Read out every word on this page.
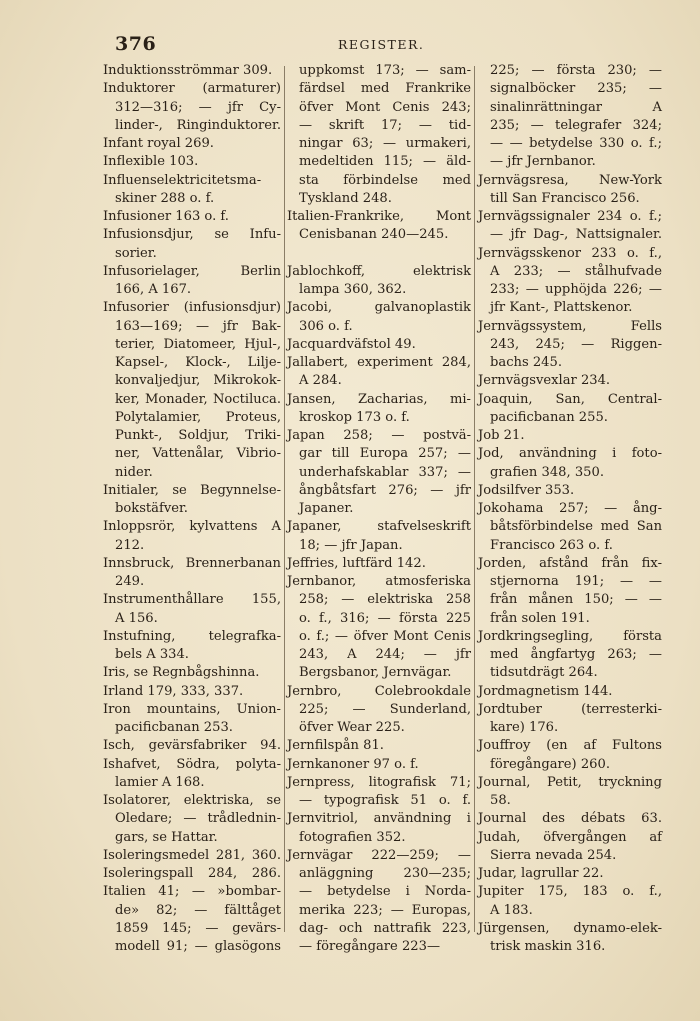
376	REGISTER.
Induktionsströmmar 309.
Induktorer (armaturer)
312—316; — jfr Cy-
linder-, Ringinduktorer.
Infant royal 269.
Inflexible 103.
Influenselektricitetsma-
skiner 288 o. f.
Infusioner 163 o. f.
Infusionsdjur, se Infu-
sorier.
Infusorielager, Berlin
166, A 167.
Infusorier (infusionsdjur)
163—169; — jfr Bak-
terier, Diatomeer, Hjul-,
Kapsel-, Klock-, Lilje-
konvaljedjur, Mikrokok-
ker, Monader, Noctiluca.
Polytalamier, Proteus,
Punkt-, Soldjur, Triki-
ner, Vattenålar, Vibrio-
nider.
Initialer, se Begynnelse-
bokstäfver.
Inloppsrör, kylvattens A
212.
Innsbruck, Brennerbanan
249.
Instrumenthållare 155,
A 156.
Instufning, telegrafka-
bels A 334.
Iris, se Regnbågshinna.
Irland 179, 333, 337.
Iron mountains, Union-
pacificbanan 253.
Isch, gevärsfabriker 94.
Ishafvet, Södra, polyta-
lamier A 168.
Isolatorer, elektriska, se
Oledare; — trådlednin-
gars, se Hattar.
Isoleringsmedel 281, 360.
Isoleringspall 284, 286.
Italien 41; — »bombar-
de» 82; — fälttåget
1859 145; — gevärs-
modell 91; — glasögons
uppkomst 173; — sam-
färdsel med Frankrike
öfver Mont Cenis 243;
— skrift 17; — tid-
ningar 63; — urmakeri,
medeltiden 115; — äld-
sta förbindelse med
Tyskland 248.
Italien-Frankrike, Mont
Cenisbanan 240—245.
Jablochkoff, elektrisk
lampa 360, 362.
Jacobi, galvanoplastik
306 o. f.
Jacquardväfstol 49.
Jallabert, experiment 284,
A 284.
Jansen, Zacharias, mi-
kroskop 173 o. f.
Japan 258; — postvä-
gar till Europa 257; —
underhafskablar 337; —
ångbåtsfart 276; — jfr
Japaner.
Japaner, stafvelseskrift
18; — jfr Japan.
Jeffries, luftfärd 142.
Jernbanor, atmosferiska
258; — elektriska 258
o. f., 316; — första 225
o. f.; — öfver Mont Cenis
243, A 244; — jfr
Bergsbanor, Jernvägar.
Jernbro, Colebrookdale
225; — Sunderland,
öfver Wear 225.
Jernfilspån 81.
Jernkanoner 97 o. f.
Jernpress, litografisk 71;
— typografisk 51 o. f.
Jernvitriol, användning i
fotografien 352.
Jernvägar 222—259; —
anläggning 230—235;
— betydelse i Norda-
merika 223; — Europas,
dag- och nattrafik 223,
— föregångare 223—
225; — första 230; —
signalböcker 235; —
sinalinrättningar A
235; — telegrafer 324;
— — betydelse 330 o. f.;
— jfr Jernbanor.
Jernvägsresa, New-York
till San Francisco 256.
Jernvägssignaler 234 o. f.;
— jfr Dag-, Nattsignaler.
Jernvägsskenor 233 o. f.,
A 233; — stålhufvade
233; — upphöjda 226; —
jfr Kant-, Plattskenor.
Jernvägssystem, Fells
243, 245; — Riggen-
bachs 245.
Jernvägsvexlar 234.
Joaquin, San, Central-
pacificbanan 255.
Job 21.
Jod, användning i foto-
grafien 348, 350.
Jodsilfver 353.
Jokohama 257; — ång-
båtsförbindelse med San
Francisco 263 o. f.
Jorden, afstånd från fix-
stjernorna 191; — —
från månen 150; — —
från solen 191.
Jordkringsegling, första
med ångfartyg 263; —
tidsutdrägt 264.
Jordmagnetism 144.
Jordtuber (terresterki-
kare) 176.
Jouffroy (en af Fultons
föregångare) 260.
Journal, Petit, tryckning
58.
Journal des débats 63.
Judah, öfvergången af
Sierra nevada 254.
Judar, lagrullar 22.
Jupiter 175, 183 o. f.,
A 183.
Jürgensen, dynamo-elek-
trisk maskin 316.
